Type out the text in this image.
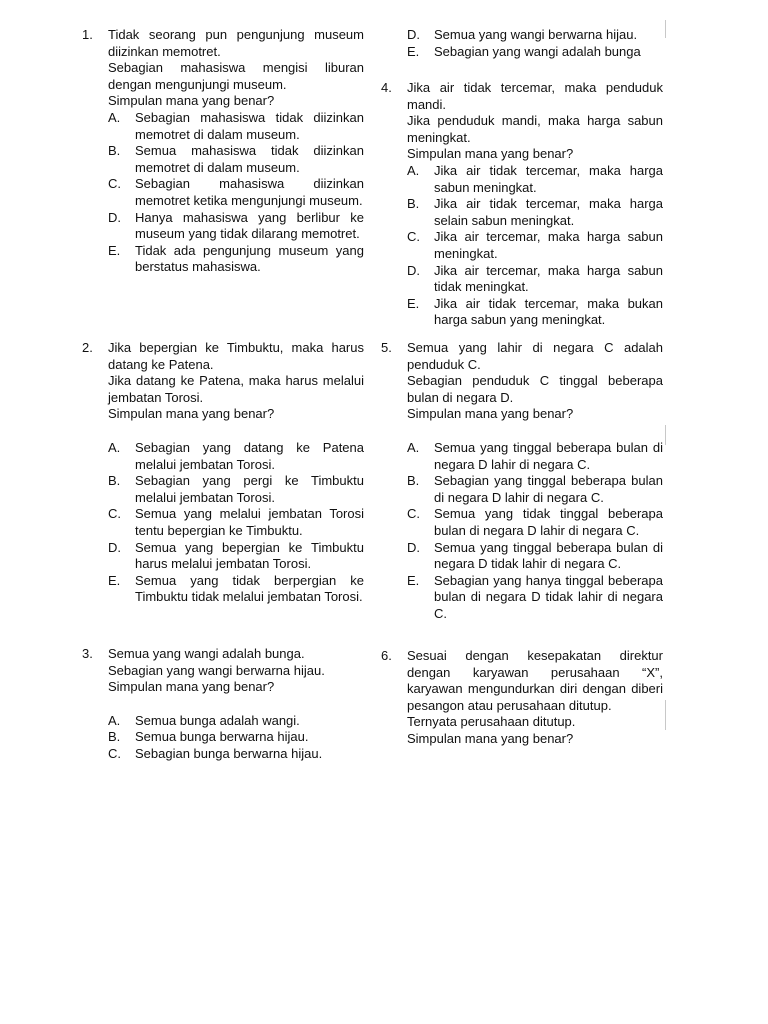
1. Tidak seorang pun pengunjung museum diizinkan memotret.

Sebagian mahasiswa mengisi liburan dengan mengunjungi museum.

Simpulan mana yang benar?

A. Sebagian mahasiswa tidak diizinkan memotret di dalam museum.
B. Semua mahasiswa tidak diizinkan memotret di dalam museum.
C. Sebagian mahasiswa diizinkan memotret ketika mengunjungi museum.
D. Hanya mahasiswa yang berlibur ke museum yang tidak dilarang memotret.
E. Tidak ada pengunjung museum yang berstatus mahasiswa.
2. Jika bepergian ke Timbuktu, maka harus datang ke Patena.

Jika datang ke Patena, maka harus melalui jembatan Torosi.

Simpulan mana yang benar?

A. Sebagian yang datang ke Patena melalui jembatan Torosi.
B. Sebagian yang pergi ke Timbuktu melalui jembatan Torosi.
C. Semua yang melalui jembatan Torosi tentu bepergian ke Timbuktu.
D. Semua yang bepergian ke Timbuktu harus melalui jembatan Torosi.
E. Semua yang tidak berpergian ke Timbuktu tidak melalui jembatan Torosi.
3. Semua yang wangi adalah bunga.

Sebagian yang wangi berwarna hijau.

Simpulan mana yang benar?

A. Semua bunga adalah wangi.
B. Semua bunga berwarna hijau.
C. Sebagian bunga berwarna hijau.
D. Semua yang wangi berwarna hijau.
E. Sebagian yang wangi adalah bunga
4. Jika air tidak tercemar, maka penduduk mandi.

Jika penduduk mandi, maka harga sabun meningkat.

Simpulan mana yang benar?

A. Jika air tidak tercemar, maka harga sabun meningkat.
B. Jika air tidak tercemar, maka harga selain sabun meningkat.
C. Jika air tercemar, maka harga sabun meningkat.
D. Jika air tercemar, maka harga sabun tidak meningkat.
E. Jika air tidak tercemar, maka bukan harga sabun yang meningkat.
5. Semua yang lahir di negara C adalah penduduk C.

Sebagian penduduk C tinggal beberapa bulan di negara D.

Simpulan mana yang benar?

A. Semua yang tinggal beberapa bulan di negara D lahir di negara C.
B. Sebagian yang tinggal beberapa bulan di negara D lahir di negara C.
C. Semua yang tidak tinggal beberapa bulan di negara D lahir di negara C.
D. Semua yang tinggal beberapa bulan di negara D tidak lahir di negara C.
E. Sebagian yang hanya tinggal beberapa bulan di negara D tidak lahir di negara C.
6. Sesuai dengan kesepakatan direktur dengan karyawan perusahaan “X”, karyawan mengundurkan diri dengan diberi pesangon atau perusahaan ditutup.

Ternyata perusahaan ditutup.

Simpulan mana yang benar?
